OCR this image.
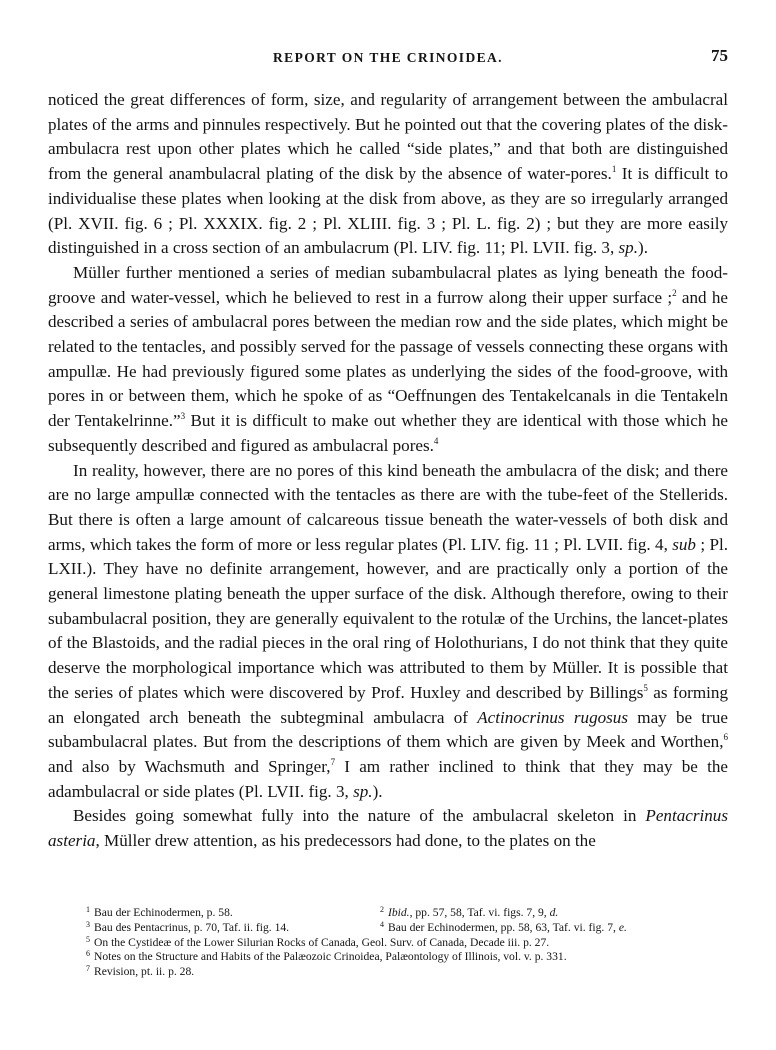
REPORT ON THE CRINOIDEA.	75

noticed the great differences of form, size, and regularity of arrangement between the ambulacral plates of the arms and pinnules respectively. But he pointed out that the covering plates of the disk-ambulacra rest upon other plates which he called “side plates,” and that both are distinguished from the general anambulacral plating of the disk by the absence of water-pores.$^1$ It is difficult to individualise these plates when looking at the disk from above, as they are so irregularly arranged (Pl. XVII. fig. 6 ; Pl. XXXIX. fig. 2 ; Pl. XLIII. fig. 3 ; Pl. L. fig. 2) ; but they are more easily distinguished in a cross section of an ambulacrum (Pl. LIV. fig. 11; Pl. LVII. fig. 3, sp.).

Müller further mentioned a series of median subambulacral plates as lying beneath the food-groove and water-vessel, which he believed to rest in a furrow along their upper surface ;$^2$ and he described a series of ambulacral pores between the median row and the side plates, which might be related to the tentacles, and possibly served for the passage of vessels connecting these organs with ampullæ. He had previously figured some plates as underlying the sides of the food-groove, with pores in or between them, which he spoke of as “Oeffnungen des Tentakelcanals in die Tentakeln der Tentakelrinne.”$^3$ But it is difficult to make out whether they are identical with those which he subsequently described and figured as ambulacral pores.$^4$

In reality, however, there are no pores of this kind beneath the ambulacra of the disk; and there are no large ampullæ connected with the tentacles as there are with the tube-feet of the Stellerids. But there is often a large amount of calcareous tissue beneath the water-vessels of both disk and arms, which takes the form of more or less regular plates (Pl. LIV. fig. 11 ; Pl. LVII. fig. 4, sub ; Pl. LXII.). They have no definite arrangement, however, and are practically only a portion of the general limestone plating beneath the upper surface of the disk. Although therefore, owing to their subambulacral position, they are generally equivalent to the rotulæ of the Urchins, the lancet-plates of the Blastoids, and the radial pieces in the oral ring of Holothurians, I do not think that they quite deserve the morphological importance which was attributed to them by Müller. It is possible that the series of plates which were discovered by Prof. Huxley and described by Billings$^5$ as forming an elongated arch beneath the subtegminal ambulacra of Actinocrinus rugosus may be true subambulacral plates. But from the descriptions of them which are given by Meek and Worthen,$^6$ and also by Wachsmuth and Springer,$^7$ I am rather inclined to think that they may be the adambulacral or side plates (Pl. LVII. fig. 3, sp.).

Besides going somewhat fully into the nature of the ambulacral skeleton in Pentacrinus asteria, Müller drew attention, as his predecessors had done, to the plates on the

$^1$ Bau der Echinodermen, p. 58.	$^2$ Ibid., pp. 57, 58, Taf. vi. figs. 7, 9, d.
$^3$ Bau des Pentacrinus, p. 70, Taf. ii. fig. 14.	$^4$ Bau der Echinodermen, pp. 58, 63, Taf. vi. fig. 7, e.
$^5$ On the Cystideæ of the Lower Silurian Rocks of Canada, Geol. Surv. of Canada, Decade iii. p. 27.
$^6$ Notes on the Structure and Habits of the Palæozoic Crinoidea, Palæontology of Illinois, vol. v. p. 331.
$^7$ Revision, pt. ii. p. 28.
